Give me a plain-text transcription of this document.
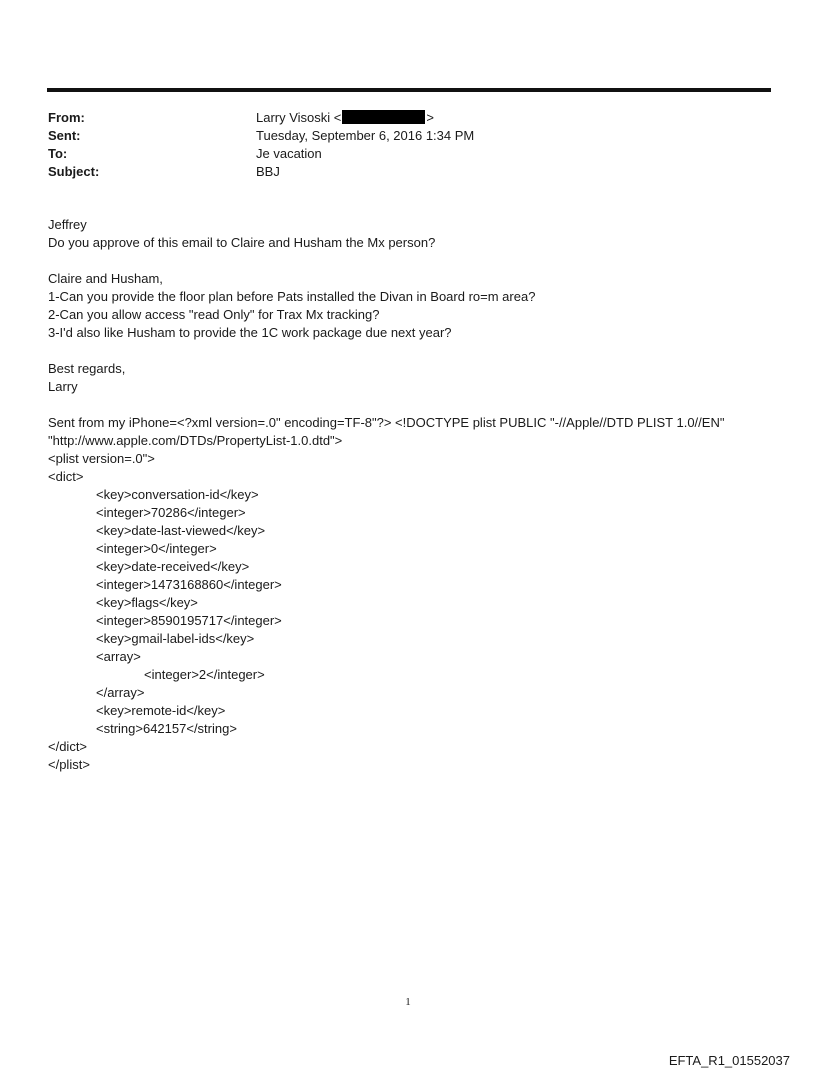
From:	Larry Visoski <	>
Sent:	Tuesday, September 6, 2016 1:34 PM
To:	Je vacation
Subject:	BBJ

Jeffrey

Do you approve of this email to Claire and Husham the Mx person?

Claire and Husham,

1-Can you provide the floor plan before Pats installed the Divan in Board ro=m area?

2-Can you allow access "read Only" for Trax Mx tracking?

3-I'd also like Husham to provide the 1C work package due next year?

Best regards,

Larry

Sent from my iPhone=<?xml version=.0" encoding=TF-8"?> <!DOCTYPE plist PUBLIC "-//Apple//DTD PLIST 1.0//EN"

"http://www.apple.com/DTDs/PropertyList-1.0.dtd">

<plist version=.0">

<dict>

<key>conversation-id</key>

<integer>70286</integer>

<key>date-last-viewed</key>

<integer>0</integer>

<key>date-received</key>

<integer>1473168860</integer>

<key>flags</key>

<integer>8590195717</integer>

<key>gmail-label-ids</key>

<array>

<integer>2</integer>

</array>

<key>remote-id</key>

<string>642157</string>

</dict>

</plist>

1
EFTA_R1_01552037
